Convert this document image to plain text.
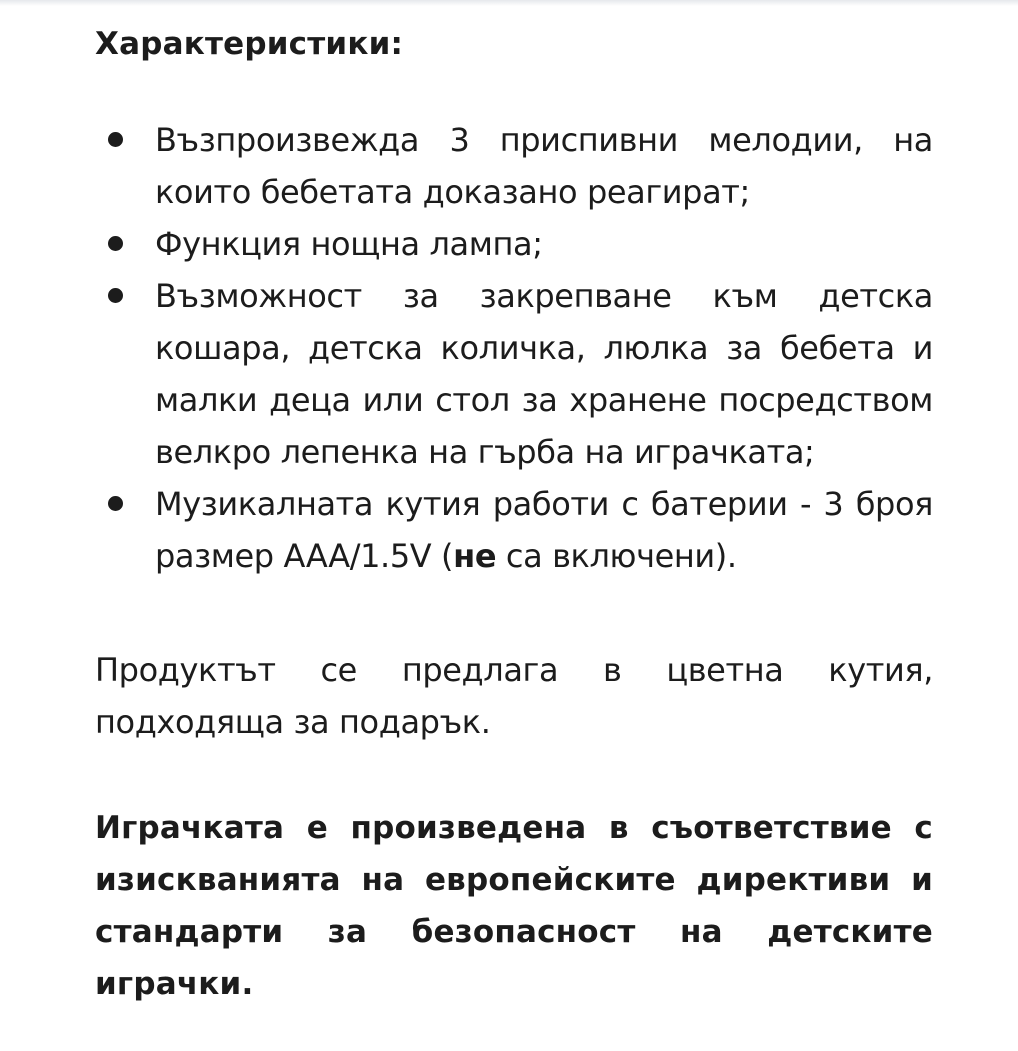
Характеристики:
Възпроизвежда 3 приспивни мелодии, на които бебетата доказано реагират;
Функция нощна лампа;
Възможност за закрепване към детска кошара, детска количка, люлка за бебета и малки деца или стол за хранене посредством велкро лепенка на гърба на играчката;
Музикалната кутия работи с батерии - 3 броя размер AAA/1.5V (не са включени).

Продуктът се предлага в цветна кутия, подходяща за подарък.

Играчката е произведена в съответствие с изискванията на европейските директиви и стандарти за безопасност на детските играчки.
